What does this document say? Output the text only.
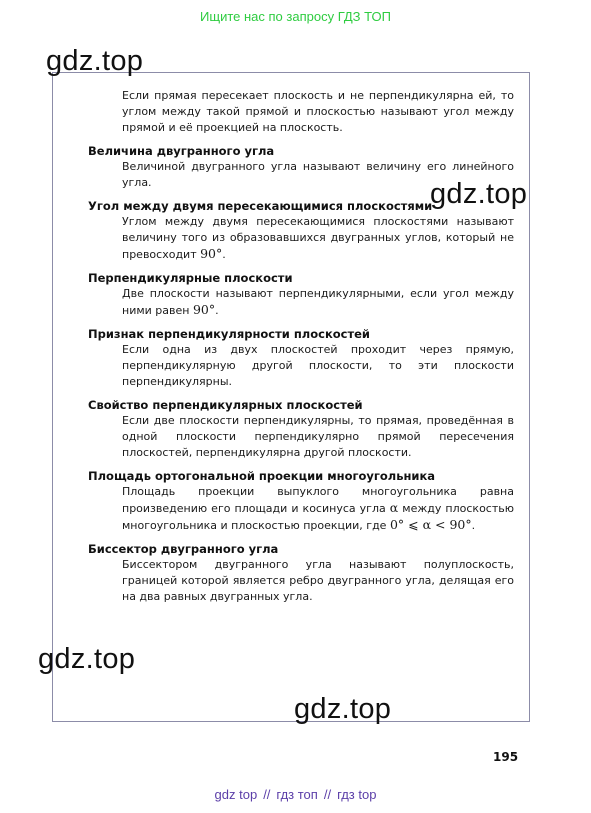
Ищите нас по запросу ГДЗ ТОП
Если прямая пересекает плоскость и не перпендикулярна ей, то углом между такой прямой и плоскостью называют угол между прямой и её проекцией на плоскость.
Величина двугранного угла
Величиной двугранного угла называют величину его линейного угла.
Угол между двумя пересекающимися плоскостями
Углом между двумя пересекающимися плоскостями называют величину того из образовавшихся двугранных углов, который не превосходит 90°.
Перпендикулярные плоскости
Две плоскости называют перпендикулярными, если угол между ними равен 90°.
Признак перпендикулярности плоскостей
Если одна из двух плоскостей проходит через прямую, перпендикулярную другой плоскости, то эти плоскости перпендикулярны.
Свойство перпендикулярных плоскостей
Если две плоскости перпендикулярны, то прямая, проведённая в одной плоскости перпендикулярно прямой пересечения плоскостей, перпендикулярна другой плоскости.
Площадь ортогональной проекции многоугольника
Площадь проекции выпуклого многоугольника равна произведению его площади и косинуса угла α между плоскостью многоугольника и плоскостью проекции, где 0° ⩽ α < 90°.
Биссектор двугранного угла
Биссектором двугранного угла называют полуплоскость, границей которой является ребро двугранного угла, делящая его на два равных двугранных угла.
gdz.top
gdz.top
gdz.top
gdz.top
195
gdz top // гдз топ // гдз top
